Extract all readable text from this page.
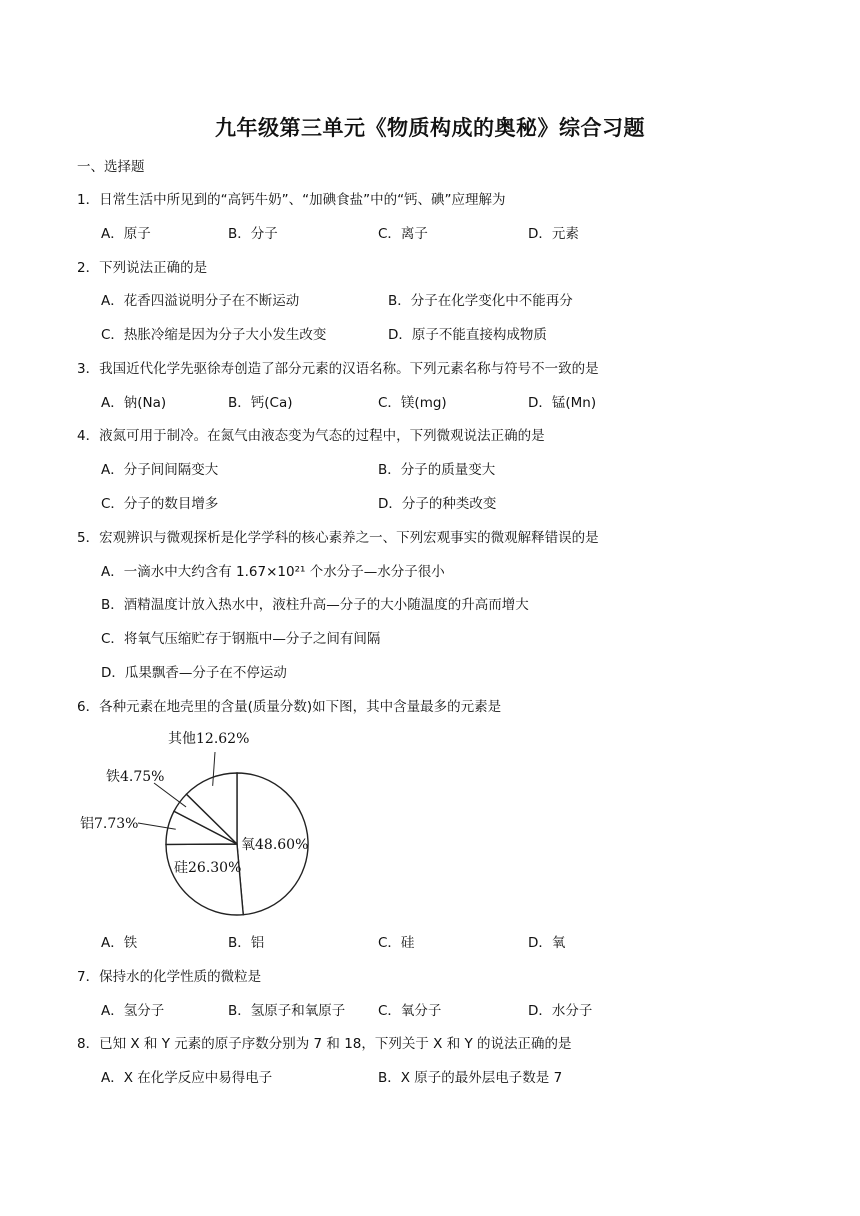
九年级第三单元《物质构成的奥秘》综合习题
一、选择题
1．日常生活中所见到的“高钙牛奶”、“加碘食盐”中的“钙、碘”应理解为
A．原子	B．分子	C．离子	D．元素
2．下列说法正确的是
A．花香四溢说明分子在不断运动	B．分子在化学变化中不能再分
C．热胀冷缩是因为分子大小发生改变	D．原子不能直接构成物质
3．我国近代化学先驱徐寿创造了部分元素的汉语名称。下列元素名称与符号不一致的是
A．钠(Na)	B．钙(Ca)	C．镁(mg)	D．锰(Mn)
4．液氮可用于制冷。在氮气由液态变为气态的过程中，下列微观说法正确的是
A．分子间间隔变大	B．分子的质量变大
C．分子的数目增多	D．分子的种类改变
5．宏观辨识与微观探析是化学学科的核心素养之一、下列宏观事实的微观解释错误的是
A．一滴水中大约含有 1.67×10²¹ 个水分子—水分子很小
B．酒精温度计放入热水中，液柱升高—分子的大小随温度的升高而增大
C．将氧气压缩贮存于钢瓶中—分子之间有间隔
D．瓜果飘香—分子在不停运动
6．各种元素在地壳里的含量(质量分数)如下图，其中含量最多的元素是
氧48.60%
硅26.30%
铝7.73%
铁4.75%
其他12.62%
A．铁	B．铝	C．硅	D．氧
7．保持水的化学性质的微粒是
A．氢分子	B．氢原子和氧原子 C．氧分子	D．水分子
8．已知 X 和 Y 元素的原子序数分别为 7 和 18，下列关于 X 和 Y 的说法正确的是
A．X 在化学反应中易得电子	B．X 原子的最外层电子数是 7
